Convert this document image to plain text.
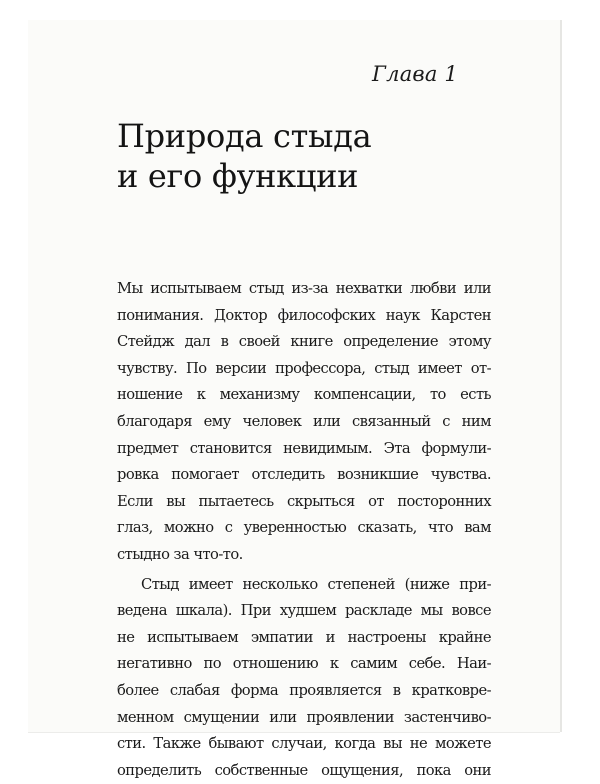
Глава 1

Природа стыда
и его функции
Мы испытываем стыд из-за нехватки любви или
понимания. Доктор философских наук Карстен
Стейдж дал в своей книге определение этому
чувству. По версии профессора, стыд имеет от-
ношение к механизму компенсации, то есть
благодаря ему человек или связанный с ним
предмет становится невидимым. Эта формули-
ровка помогает отследить возникшие чувства.
Если вы пытаетесь скрыться от посторонних
глаз, можно с уверенностью сказать, что вам
стыдно за что-то.
Стыд имеет несколько степеней (ниже при-
ведена шкала). При худшем раскладе мы вовсе
не испытываем эмпатии и настроены крайне
негативно по отношению к самим себе. Наи-
более слабая форма проявляется в кратковре-
менном смущении или проявлении застенчиво-
сти. Также бывают случаи, когда вы не можете
определить собственные ощущения, пока они
